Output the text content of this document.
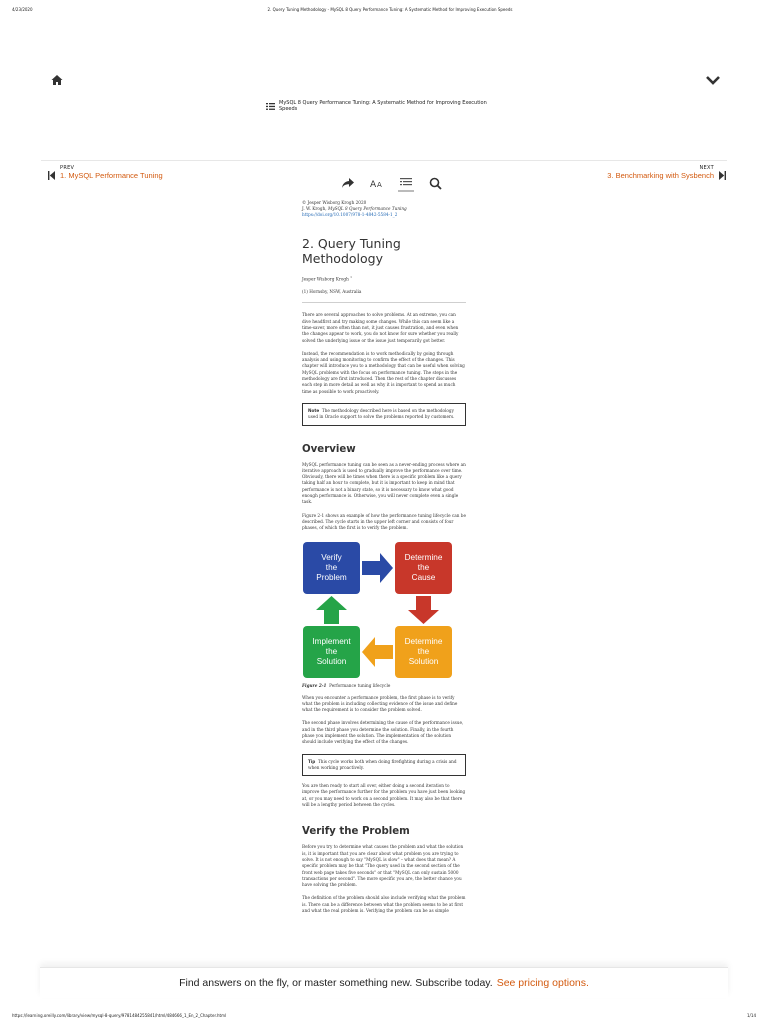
4/23/2020	2. Query Tuning Methodology - MySQL 8 Query Performance Tuning: A Systematic Method for Improving Execution Speeds
MySQL 8 Query Performance Tuning: A Systematic Method for Improving Execution Speeds
PREV
1. MySQL Performance Tuning
NEXT
3. Benchmarking with Sysbench
A A
© Jesper Wisborg Krogh 2020
J. W. Krogh, MySQL 8 Query Performance Tuning
https://doi.org/10.1007/978-1-4842-5584-1_2
2. Query Tuning Methodology
Jesper Wisborg Krogh $^1$
(1) Hornsby, NSW, Australia
There are several approaches to solve problems. At an extreme, you can dive headfirst and try making some changes. While this can seem like a time-saver, more often than not, it just causes frustration, and even when the changes appear to work, you do not know for sure whether you really solved the underlying issue or the issue just temporarily got better.
Instead, the recommendation is to work methodically by going through analysis and using monitoring to confirm the effect of the changes. This chapter will introduce you to a methodology that can be useful when solving MySQL problems with the focus on performance tuning. The steps in the methodology are first introduced. Then the rest of the chapter discusses each step in more detail as well as why it is important to spend as much time as possible to work proactively.
Note The methodology described here is based on the methodology used in Oracle support to solve the problems reported by customers.
Overview
MySQL performance tuning can be seen as a never-ending process where an iterative approach is used to gradually improve the performance over time. Obviously, there will be times when there is a specific problem like a query taking half an hour to complete, but it is important to keep in mind that performance is not a binary state, so it is necessary to know what good enough performance is. Otherwise, you will never complete even a single task.
Figure 2-1 shows an example of how the performance tuning lifecycle can be described. The cycle starts in the upper left corner and consists of four phases, of which the first is to verify the problem.
Verify
the
Problem
Determine
the
Cause
Determine
the
Solution
Implement
the
Solution
Figure 2-1 Performance tuning lifecycle
When you encounter a performance problem, the first phase is to verify what the problem is including collecting evidence of the issue and define what the requirement is to consider the problem solved.
The second phase involves determining the cause of the performance issue, and in the third phase you determine the solution. Finally, in the fourth phase you implement the solution. The implementation of the solution should include verifying the effect of the changes.
Tip This cycle works both when doing firefighting during a crisis and when working proactively.
You are then ready to start all over, either doing a second iteration to improve the performance further for the problem you have just been looking at, or you may need to work on a second problem. It may also be that there will be a lengthy period between the cycles.
Verify the Problem
Before you try to determine what causes the problem and what the solution is, it is important that you are clear about what problem you are trying to solve. It is not enough to say "MySQL is slow" – what does that mean? A specific problem may be that "The query used in the second section of the front web page takes five seconds" or that "MySQL can only sustain 5000 transactions per second". The more specific you are, the better chance you have solving the problem.
The definition of the problem should also include verifying what the problem is. There can be a difference between what the problem seems to be at first and what the real problem is. Verifying the problem can be as simple
Find answers on the fly, or master something new. Subscribe today. See pricing options.
https://learning.oreilly.com/library/view/mysql-8-query/9781484255841/html/484666_1_En_2_Chapter.html	1/14
